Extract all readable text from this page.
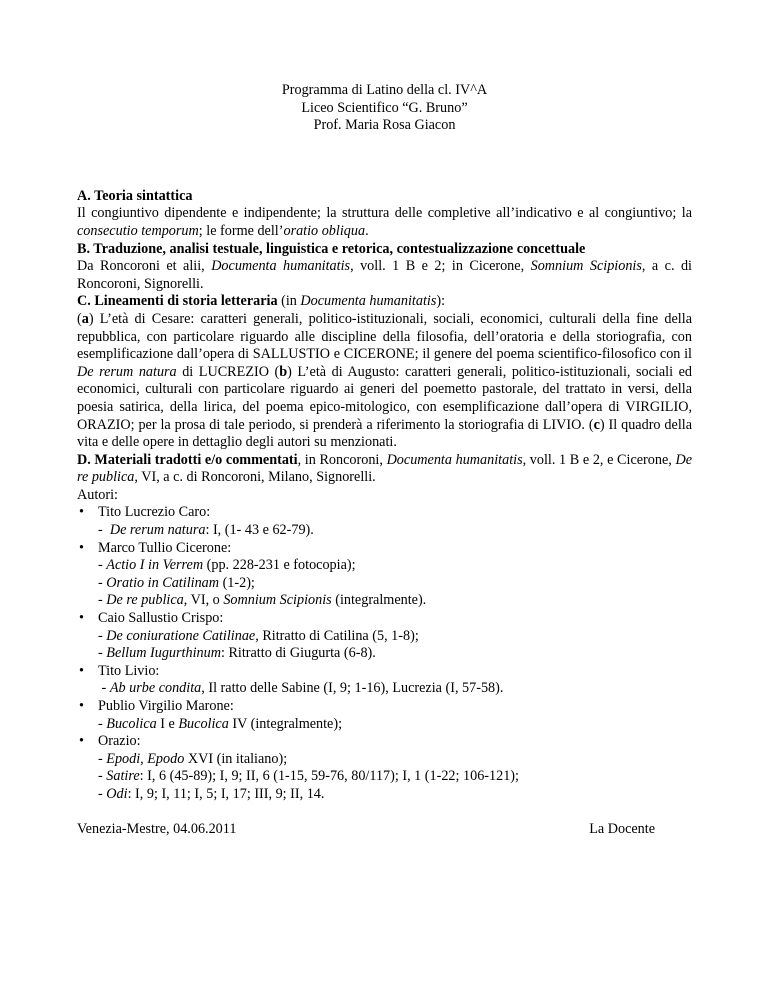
Programma di Latino della cl. IV^A
Liceo Scientifico “G. Bruno”
Prof. Maria Rosa Giacon
A. Teoria sintattica
Il congiuntivo dipendente e indipendente; la struttura delle completive all’indicativo e al congiuntivo; la consecutio temporum; le forme dell’oratio obliqua.
B. Traduzione, analisi testuale, linguistica e retorica, contestualizzazione concettuale
Da Roncoroni et alii, Documenta humanitatis, voll. 1 B e 2; in Cicerone, Somnium Scipionis, a c. di Roncoroni, Signorelli.
C. Lineamenti di storia letteraria (in Documenta humanitatis):
(a) L’età di Cesare: caratteri generali, politico-istituzionali, sociali, economici, culturali della fine della repubblica, con particolare riguardo alle discipline della filosofia, dell’oratoria e della storiografia, con esemplificazione dall’opera di SALLUSTIO e CICERONE; il genere del poema scientifico-filosofico con il De rerum natura di LUCREZIO (b) L’età di Augusto: caratteri generali, politico-istituzionali, sociali ed economici, culturali con particolare riguardo ai generi del poemetto pastorale, del trattato in versi, della poesia satirica, della lirica, del poema epico-mitologico, con esemplificazione dall’opera di VIRGILIO, ORAZIO; per la prosa di tale periodo, si prenderà a riferimento la storiografia di LIVIO. (c) Il quadro della vita e delle opere in dettaglio degli autori su menzionati.
D. Materiali tradotti e/o commentati, in Roncoroni, Documenta humanitatis, voll. 1 B e 2, e Cicerone, De re publica, VI, a c. di Roncoroni, Milano, Signorelli.
Autori:
• Tito Lucrezio Caro:
-  De rerum natura: I, (1- 43 e 62-79).
• Marco Tullio Cicerone:
- Actio I in Verrem (pp. 228-231 e fotocopia);
- Oratio in Catilinam (1-2);
- De re publica, VI, o Somnium Scipionis (integralmente).
• Caio Sallustio Crispo:
- De coniuratione Catilinae, Ritratto di Catilina (5, 1-8);
- Bellum Iugurthinum: Ritratto di Giugurta (6-8).
• Tito Livio:
- Ab urbe condita, Il ratto delle Sabine (I, 9; 1-16), Lucrezia (I, 57-58).
• Publio Virgilio Marone:
- Bucolica I e Bucolica IV (integralmente);
• Orazio:
- Epodi, Epodo XVI (in italiano);
- Satire: I, 6 (45-89); I, 9; II, 6 (1-15, 59-76, 80/117); I, 1 (1-22; 106-121);
- Odi: I, 9; I, 11; I, 5; I, 17; III, 9; II, 14.
Venezia-Mestre, 04.06.2011	La Docente
